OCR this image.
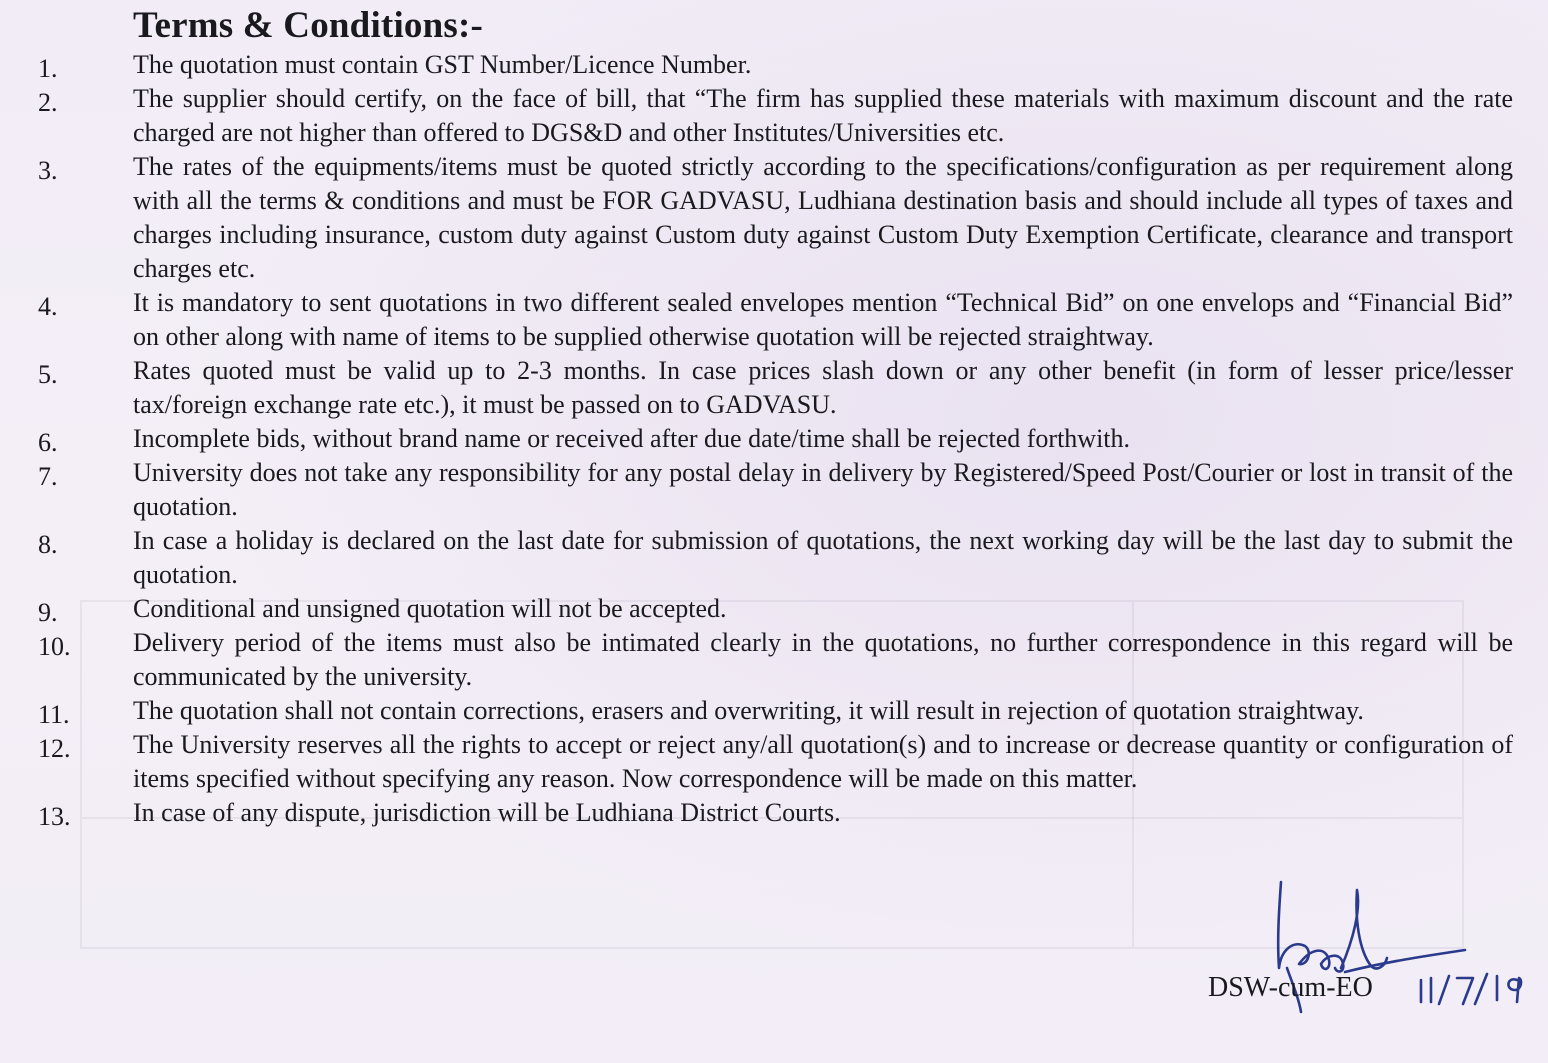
Terms & Conditions:-
1.	The quotation must contain GST Number/Licence Number.
2.	The supplier should certify, on the face of bill, that “The firm has supplied these materials with maximum discount and the rate charged are not higher than offered to DGS&D and other Institutes/Universities etc.
3.	The rates of the equipments/items must be quoted strictly according to the specifications/configuration as per requirement along with all the terms & conditions and must be FOR GADVASU, Ludhiana destination basis and should include all types of taxes and charges including insurance, custom duty against Custom duty against Custom Duty Exemption Certificate, clearance and transport charges etc.
4.	It is mandatory to sent quotations in two different sealed envelopes mention “Technical Bid” on one envelops and “Financial Bid” on other along with name of items to be supplied otherwise quotation will be rejected straightway.
5.	Rates quoted must be valid up to 2-3 months. In case prices slash down or any other benefit (in form of lesser price/lesser tax/foreign exchange rate etc.), it must be passed on to GADVASU.
6.	Incomplete bids, without brand name or received after due date/time shall be rejected forthwith.
7.	University does not take any responsibility for any postal delay in delivery by Registered/Speed Post/Courier or lost in transit of the quotation.
8.	In case a holiday is declared on the last date for submission of quotations, the next working day will be the last day to submit the quotation.
9.	Conditional and unsigned quotation will not be accepted.
10. Delivery period of the items must also be intimated clearly in the quotations, no further correspondence in this regard will be communicated by the university.
11. The quotation shall not contain corrections, erasers and overwriting, it will result in rejection of quotation straightway.
12. The University reserves all the rights to accept or reject any/all quotation(s) and to increase or decrease quantity or configuration of items specified without specifying any reason. Now correspondence will be made on this matter.
13. In case of any dispute, jurisdiction will be Ludhiana District Courts.
DSW-cum-EO
